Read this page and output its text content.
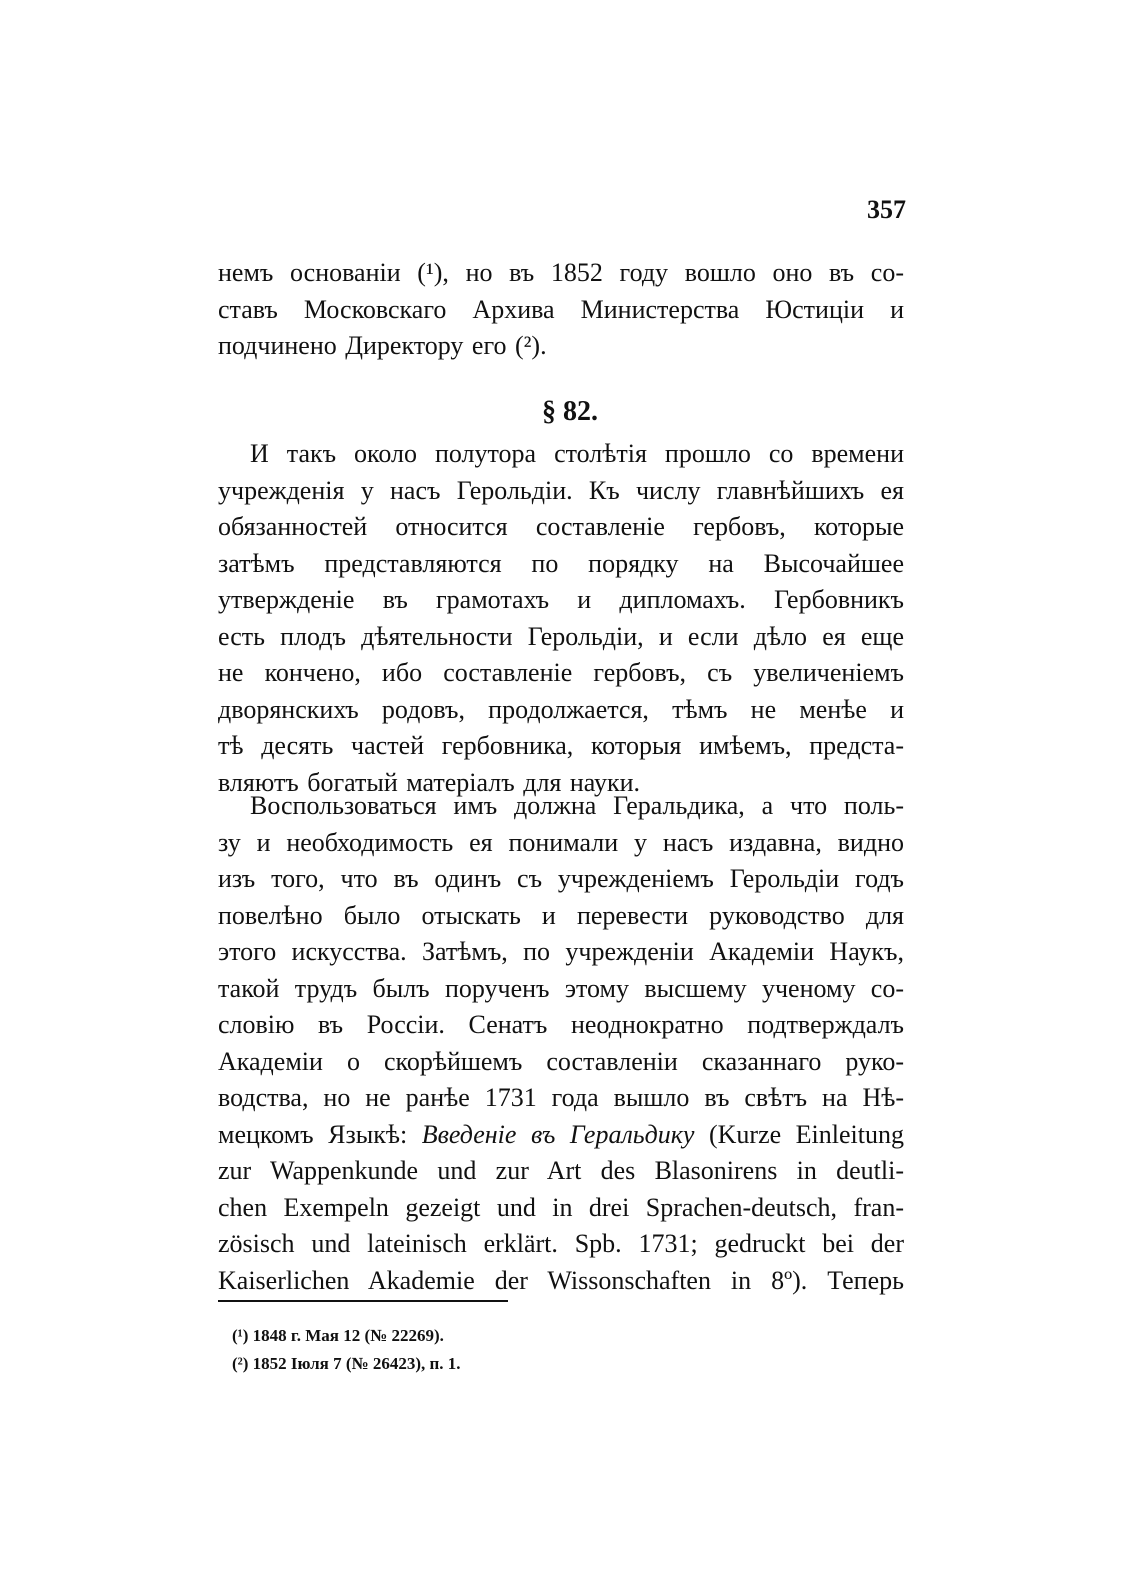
357
немъ основаніи (¹), но въ 1852 году вошло оно въ со-
ставъ Московскаго Архива Министерства Юстиціи и
подчинено Директору его (²).
§ 82.
И такъ около полутора столѣтія прошло со времени
учрежденія у насъ Герольдіи. Къ числу главнѣйшихъ ея
обязанностей относится составленіе гербовъ, которые
затѣмъ представляются по порядку на Высочайшее
утвержденіе въ грамотахъ и дипломахъ. Гербовникъ
есть плодъ дѣятельности Герольдіи, и если дѣло ея еще
не кончено, ибо составленіе гербовъ, съ увеличеніемъ
дворянскихъ родовъ, продолжается, тѣмъ не менѣе и
тѣ десять частей гербовника, которыя имѣемъ, предста-
вляютъ богатый матеріалъ для науки.
Воспользоваться имъ должна Геральдика, а что поль-
зу и необходимость ея понимали у насъ издавна, видно
изъ того, что въ одинъ съ учрежденіемъ Герольдіи годъ
повелѣно было отыскать и перевести руководство для
этого искусства. Затѣмъ, по учрежденіи Академіи Наукъ,
такой трудъ былъ порученъ этому высшему ученому со-
словію въ Россіи. Сенатъ неоднократно подтверждалъ
Академіи о скорѣйшемъ составленіи сказаннаго руко-
водства, но не ранѣе 1731 года вышло въ свѣтъ на Нѣ-
мецкомъ Языкѣ: Введеніе въ Геральдику (Kurze Einleitung
zur Wappenkunde und zur Art des Blasonirens in deutli-
chen Exempeln gezeigt und in drei Sprachen-deutsch, fran-
zösisch und lateinisch erklärt. Spb. 1731; gedruckt bei der
Kaiserlichen Akademie der Wissonschaften in 8º). Теперь
(¹) 1848 г. Мая 12 (№ 22269).
(²) 1852 Іюля 7 (№ 26423), п. 1.
